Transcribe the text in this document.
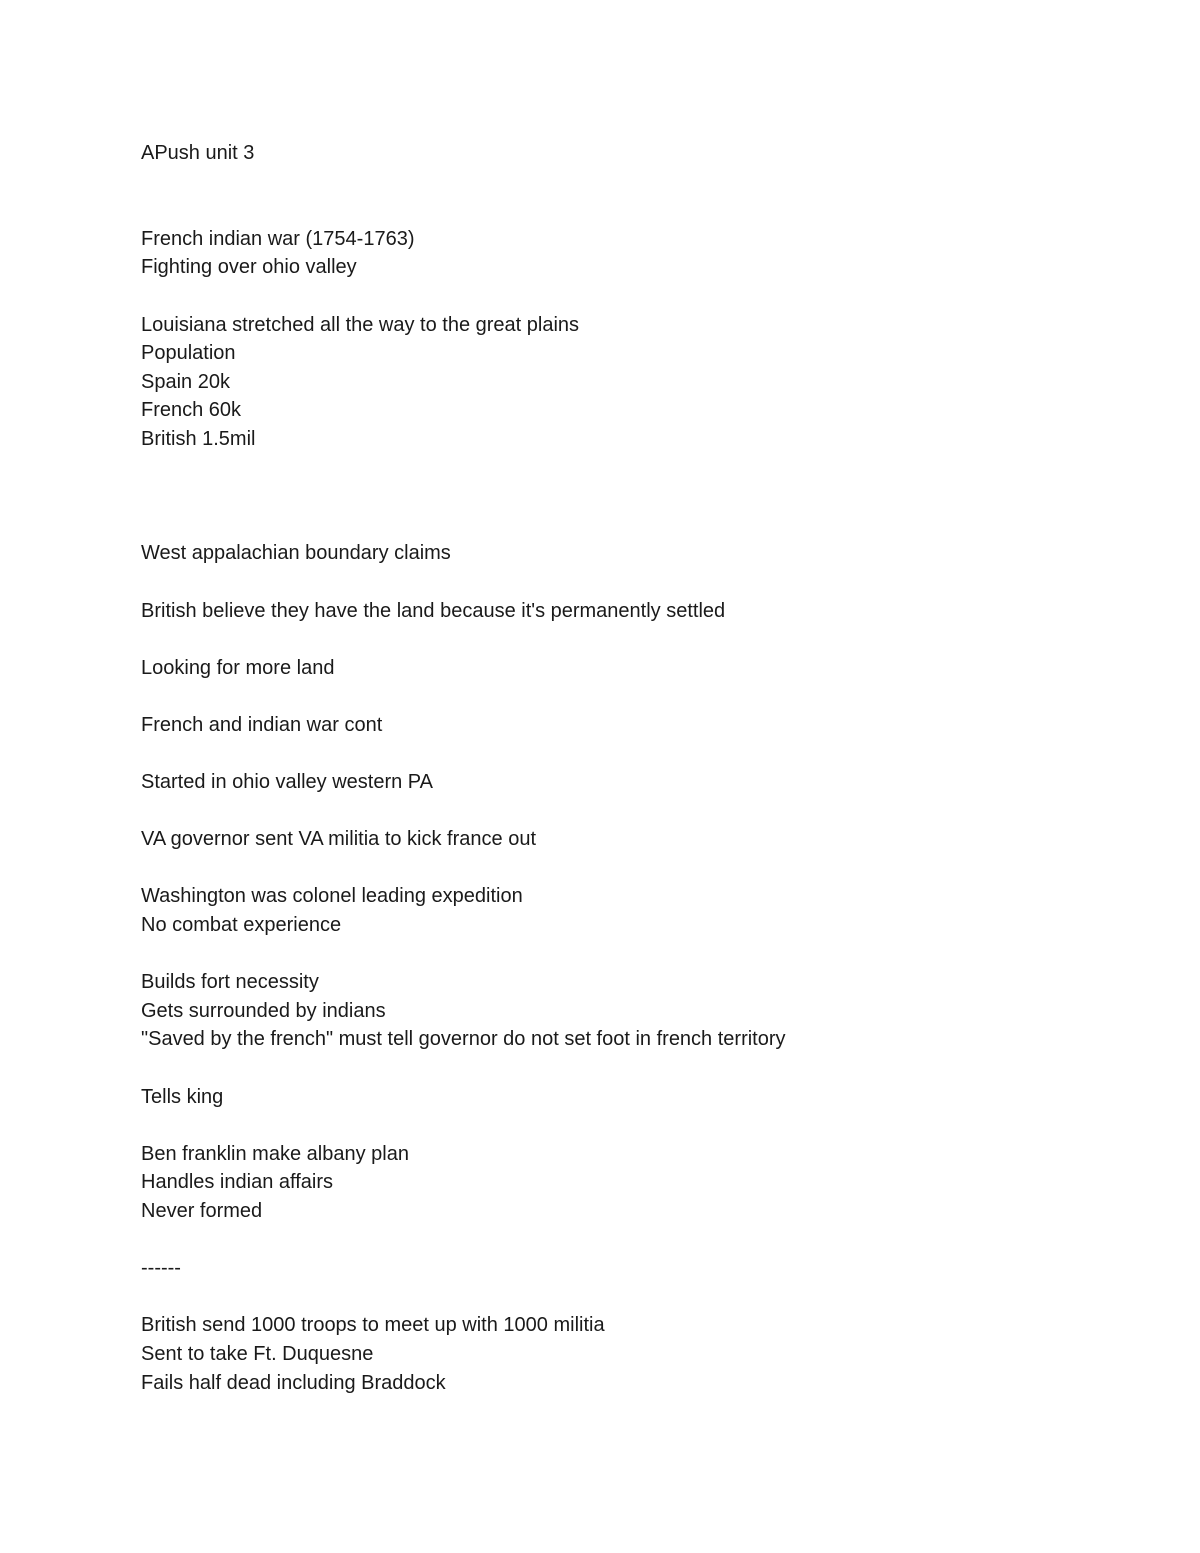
APush unit 3
French indian war (1754-1763)
Fighting over ohio valley
Louisiana stretched all the way to the great plains
Population
Spain 20k
French 60k
British 1.5mil
West appalachian boundary claims
British believe they have the land because it's permanently settled
Looking for more land
French and indian war cont
Started in ohio valley western PA
VA governor sent VA militia to kick france out
Washington was colonel leading expedition
No combat experience
Builds fort necessity
Gets surrounded by indians
"Saved by the french" must tell governor do not set foot in french territory
Tells king
Ben franklin make albany plan
Handles indian affairs
Never formed
------
British send 1000 troops to meet up with 1000 militia
Sent to take Ft. Duquesne
Fails half dead including Braddock
